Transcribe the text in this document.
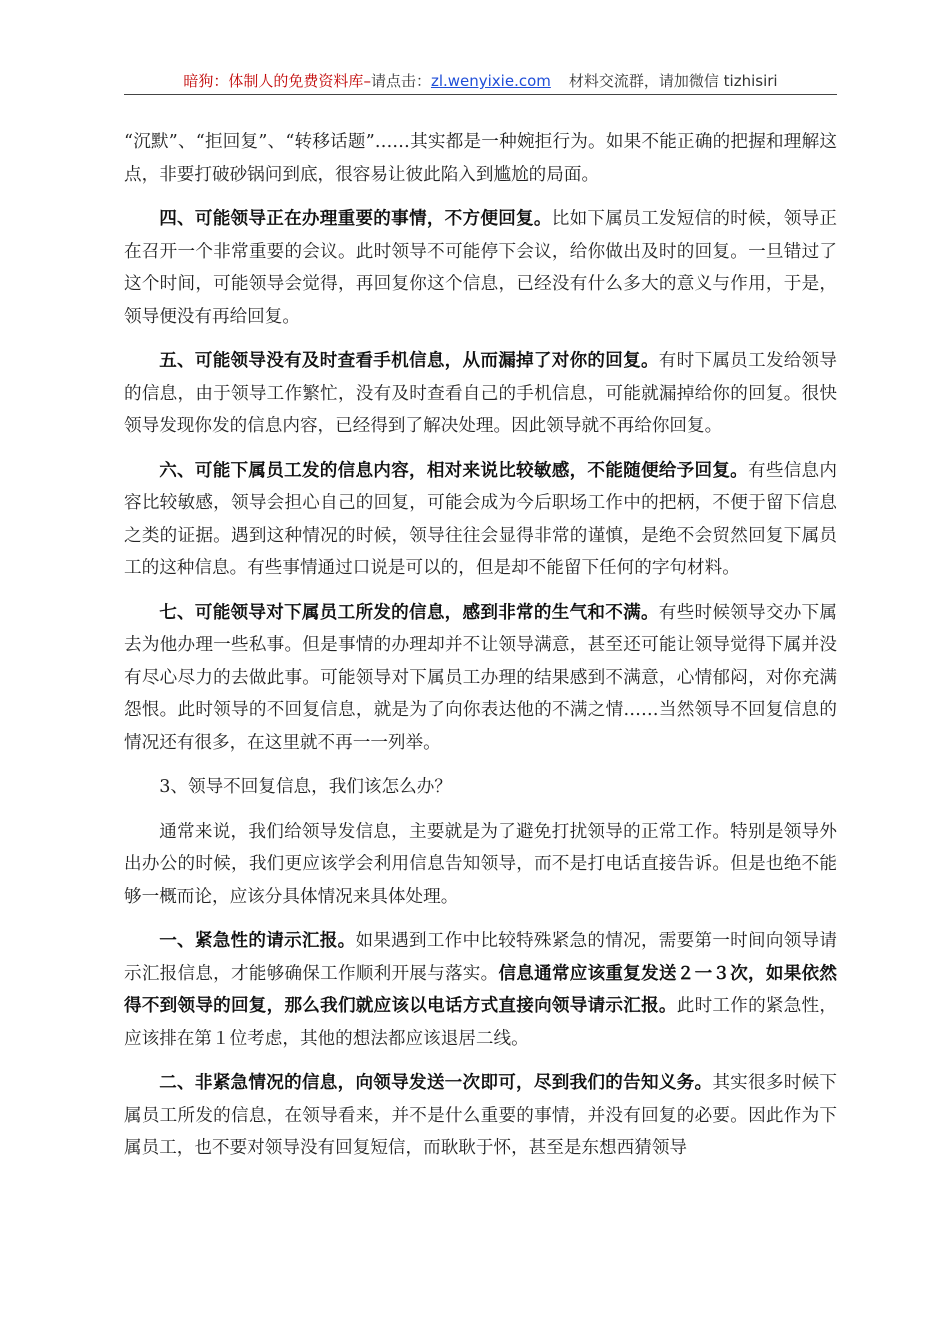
暗狗：体制人的免费资料库–请点击：zl.wenyixie.com 材料交流群，请加微信 tizhisiri

“沉默”、“拒回复”、“转移话题”……其实都是一种婉拒行为。如果不能正确的把握和理解这点，非要打破砂锅问到底，很容易让彼此陷入到尴尬的局面。

四、可能领导正在办理重要的事情，不方便回复。比如下属员工发短信的时候，领导正在召开一个非常重要的会议。此时领导不可能停下会议，给你做出及时的回复。一旦错过了这个时间，可能领导会觉得，再回复你这个信息，已经没有什么多大的意义与作用，于是，领导便没有再给回复。

五、可能领导没有及时查看手机信息，从而漏掉了对你的回复。有时下属员工发给领导的信息，由于领导工作繁忙，没有及时查看自己的手机信息，可能就漏掉给你的回复。很快领导发现你发的信息内容，已经得到了解决处理。因此领导就不再给你回复。

六、可能下属员工发的信息内容，相对来说比较敏感，不能随便给予回复。有些信息内容比较敏感，领导会担心自己的回复，可能会成为今后职场工作中的把柄，不便于留下信息之类的证据。遇到这种情况的时候，领导往往会显得非常的谨慎，是绝不会贸然回复下属员工的这种信息。有些事情通过口说是可以的，但是却不能留下任何的字句材料。

七、可能领导对下属员工所发的信息，感到非常的生气和不满。有些时候领导交办下属去为他办理一些私事。但是事情的办理却并不让领导满意，甚至还可能让领导觉得下属并没有尽心尽力的去做此事。可能领导对下属员工办理的结果感到不满意，心情郁闷，对你充满怨恨。此时领导的不回复信息，就是为了向你表达他的不满之情……当然领导不回复信息的情况还有很多，在这里就不再一一列举。

3、领导不回复信息，我们该怎么办？

通常来说，我们给领导发信息，主要就是为了避免打扰领导的正常工作。特别是领导外出办公的时候，我们更应该学会利用信息告知领导，而不是打电话直接告诉。但是也绝不能够一概而论，应该分具体情况来具体处理。

一、紧急性的请示汇报。如果遇到工作中比较特殊紧急的情况，需要第一时间向领导请示汇报信息，才能够确保工作顺利开展与落实。信息通常应该重复发送２一３次，如果依然得不到领导的回复，那么我们就应该以电话方式直接向领导请示汇报。此时工作的紧急性，应该排在第１位考虑，其他的想法都应该退居二线。

二、非紧急情况的信息，向领导发送一次即可，尽到我们的告知义务。其实很多时候下属员工所发的信息，在领导看来，并不是什么重要的事情，并没有回复的必要。因此作为下属员工，也不要对领导没有回复短信，而耿耿于怀，甚至是东想西猜领导
